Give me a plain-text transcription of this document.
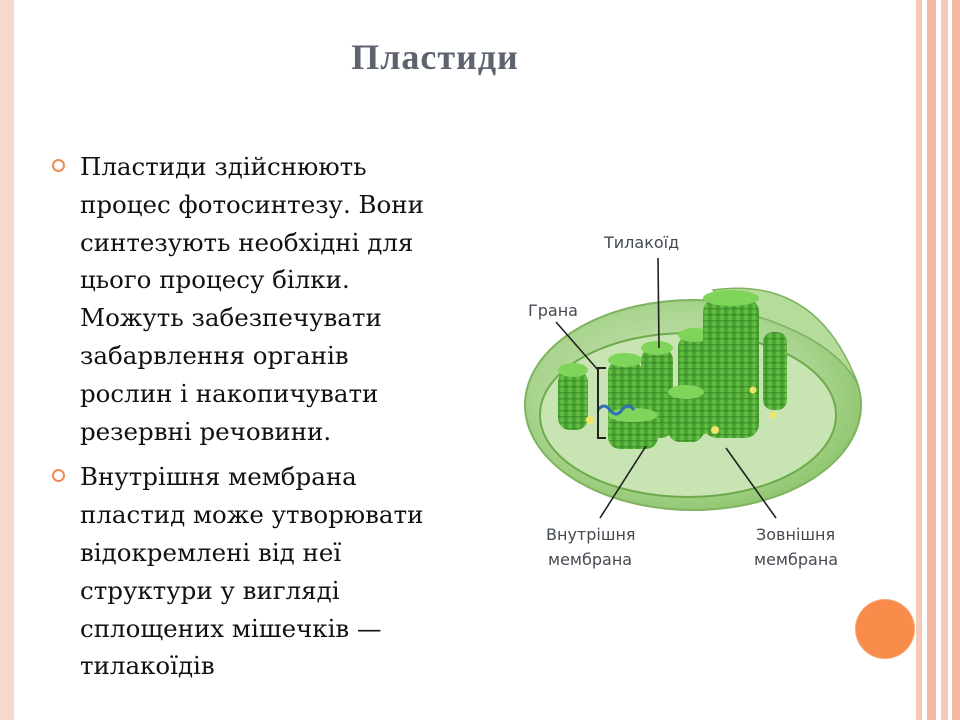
Пластиди
Пластиди здійснюють
процес фотосинтезу. Вони
синтезують необхідні для
цього процесу білки.
Можуть забезпечувати
забарвлення органів
рослин і накопичувати
резервні речовини.
Внутрішня мембрана
пластид може утворювати
відокремлені від неї
структури у вигляді
сплощених мішечків —
тилакоїдів
Тилакоїд
Грана
Внутрішня
мембрана
Зовнішня
мембрана
